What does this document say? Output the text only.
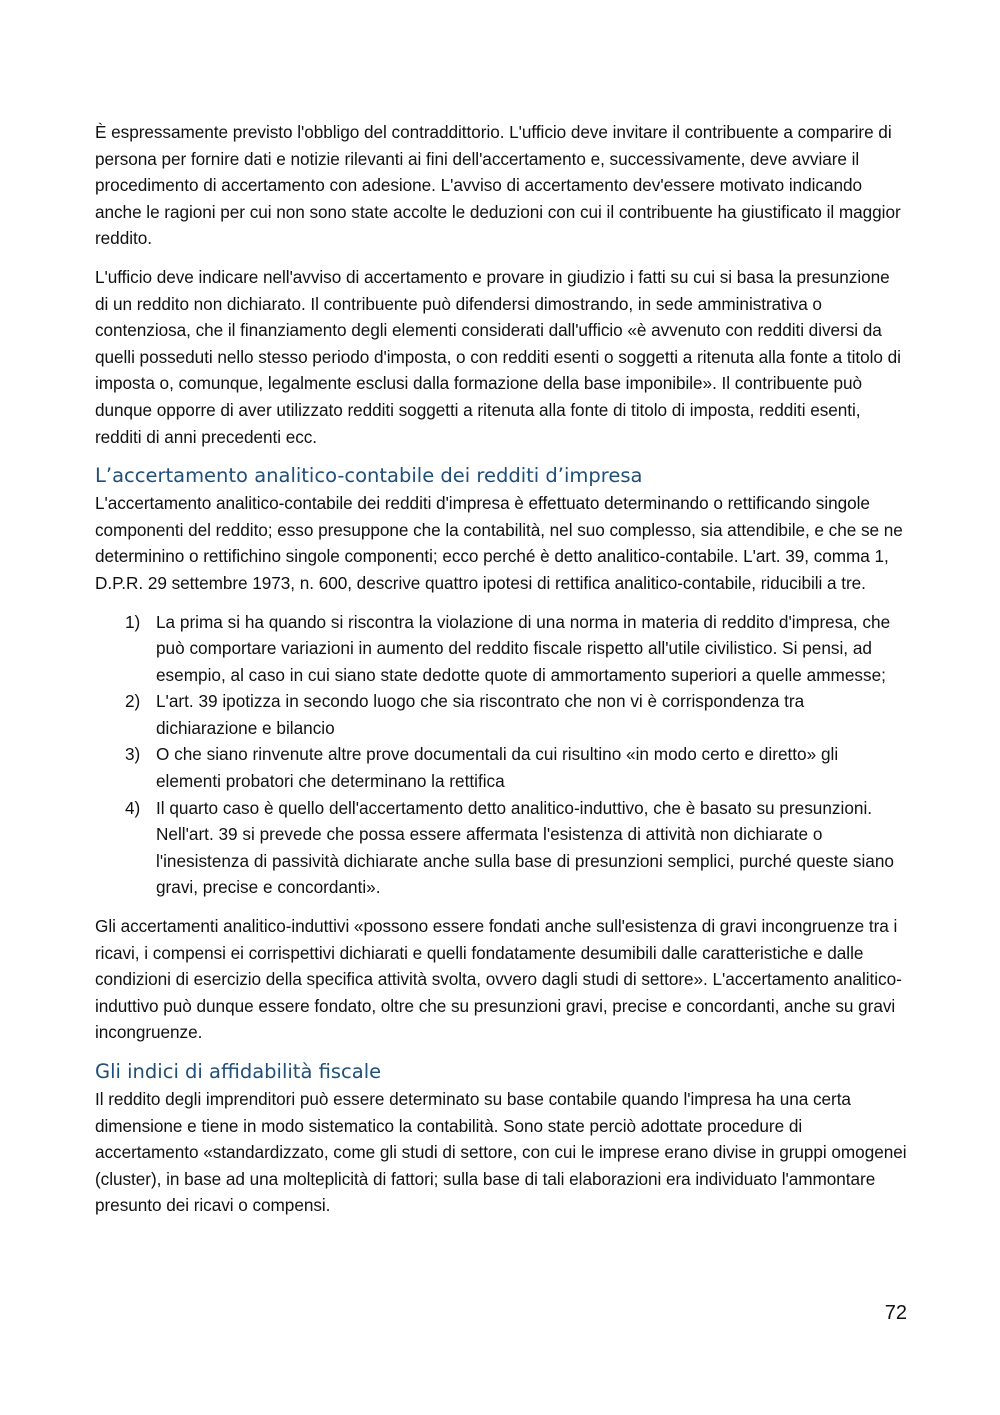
È espressamente previsto l'obbligo del contraddittorio. L'ufficio deve invitare il contribuente a comparire di persona per fornire dati e notizie rilevanti ai fini dell'accertamento e, successivamente, deve avviare il procedimento di accertamento con adesione. L'avviso di accertamento dev'essere motivato indicando anche le ragioni per cui non sono state accolte le deduzioni con cui il contribuente ha giustificato il maggior reddito.

L'ufficio deve indicare nell'avviso di accertamento e provare in giudizio i fatti su cui si basa la presunzione di un reddito non dichiarato. Il contribuente può difendersi dimostrando, in sede amministrativa o contenziosa, che il finanziamento degli elementi considerati dall'ufficio «è avvenuto con redditi diversi da quelli posseduti nello stesso periodo d'imposta, o con redditi esenti o soggetti a ritenuta alla fonte a titolo di imposta o, comunque, legalmente esclusi dalla formazione della base imponibile». Il contribuente può dunque opporre di aver utilizzato redditi soggetti a ritenuta alla fonte di titolo di imposta, redditi esenti, redditi di anni precedenti ecc.

L’accertamento analitico-contabile dei redditi d’impresa

L'accertamento analitico-contabile dei redditi d'impresa è effettuato determinando o rettificando singole componenti del reddito; esso presuppone che la contabilità, nel suo complesso, sia attendibile, e che se ne determinino o rettifichino singole componenti; ecco perché è detto analitico-contabile. L'art. 39, comma 1, D.P.R. 29 settembre 1973, n. 600, descrive quattro ipotesi di rettifica analitico-contabile, riducibili a tre.

1) La prima si ha quando si riscontra la violazione di una norma in materia di reddito d'impresa, che può comportare variazioni in aumento del reddito fiscale rispetto all'utile civilistico. Si pensi, ad esempio, al caso in cui siano state dedotte quote di ammortamento superiori a quelle ammesse;
2) L'art. 39 ipotizza in secondo luogo che sia riscontrato che non vi è corrispondenza tra dichiarazione e bilancio
3) O che siano rinvenute altre prove documentali da cui risultino «in modo certo e diretto» gli elementi probatori che determinano la rettifica
4) Il quarto caso è quello dell'accertamento detto analitico-induttivo, che è basato su presunzioni. Nell'art. 39 si prevede che possa essere affermata l'esistenza di attività non dichiarate o l'inesistenza di passività dichiarate anche sulla base di presunzioni semplici, purché queste siano gravi, precise e concordanti».

Gli accertamenti analitico-induttivi «possono essere fondati anche sull'esistenza di gravi incongruenze tra i ricavi, i compensi ei corrispettivi dichiarati e quelli fondatamente desumibili dalle caratteristiche e dalle condizioni di esercizio della specifica attività svolta, ovvero dagli studi di settore». L'accertamento analitico-induttivo può dunque essere fondato, oltre che su presunzioni gravi, precise e concordanti, anche su gravi incongruenze.

Gli indici di affidabilità fiscale

Il reddito degli imprenditori può essere determinato su base contabile quando l'impresa ha una certa dimensione e tiene in modo sistematico la contabilità. Sono state perciò adottate procedure di accertamento «standardizzato, come gli studi di settore, con cui le imprese erano divise in gruppi omogenei (cluster), in base ad una molteplicità di fattori; sulla base di tali elaborazioni era individuato l'ammontare presunto dei ricavi o compensi.

72
